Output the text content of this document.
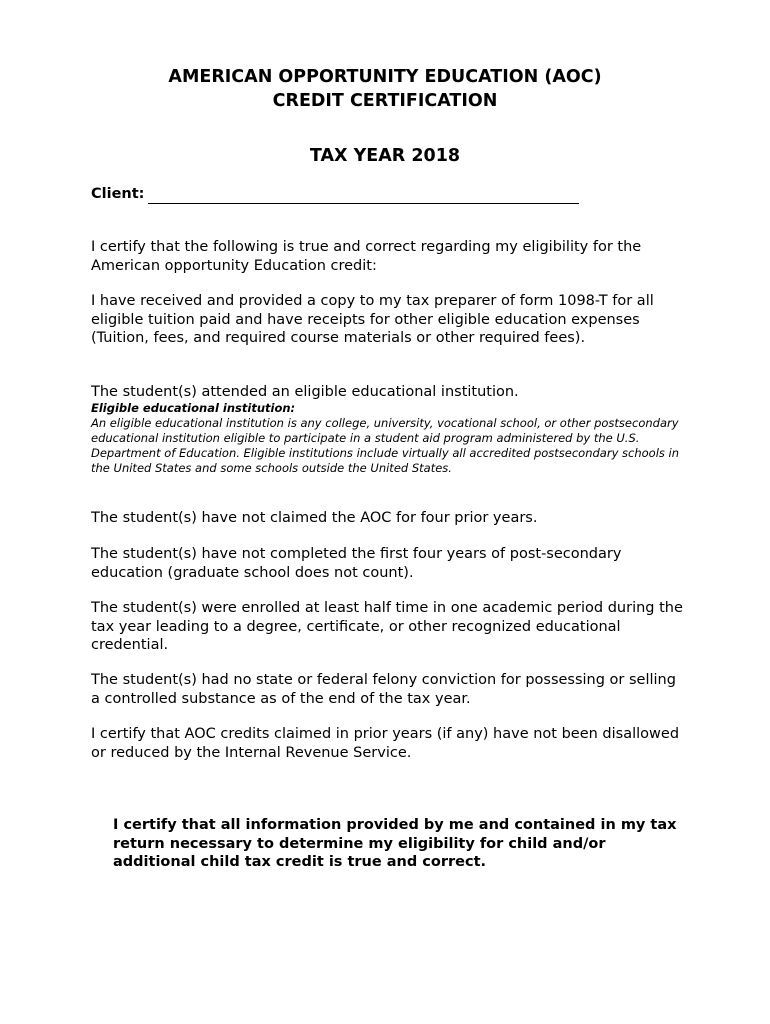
AMERICAN OPPORTUNITY EDUCATION (AOC)
CREDIT CERTIFICATION
TAX YEAR 2018
Client:

I certify that the following is true and correct regarding my eligibility for the American opportunity Education credit:

I have received and provided a copy to my tax preparer of form 1098-T for all eligible tuition paid and have receipts for other eligible education expenses (Tuition, fees, and required course materials or other required fees).

The student(s) attended an eligible educational institution.

Eligible educational institution:

An eligible educational institution is any college, university, vocational school, or other postsecondary educational institution eligible to participate in a student aid program administered by the U.S. Department of Education. Eligible institutions include virtually all accredited postsecondary schools in the United States and some schools outside the United States.

The student(s) have not claimed the AOC for four prior years.

The student(s) have not completed the first four years of post-secondary education (graduate school does not count).

The student(s) were enrolled at least half time in one academic period during the tax year leading to a degree, certificate, or other recognized educational credential.

The student(s) had no state or federal felony conviction for possessing or selling a controlled substance as of the end of the tax year.

I certify that AOC credits claimed in prior years (if any) have not been disallowed or reduced by the Internal Revenue Service.

I certify that all information provided by me and contained in my tax return necessary to determine my eligibility for child and/or additional child tax credit is true and correct.
